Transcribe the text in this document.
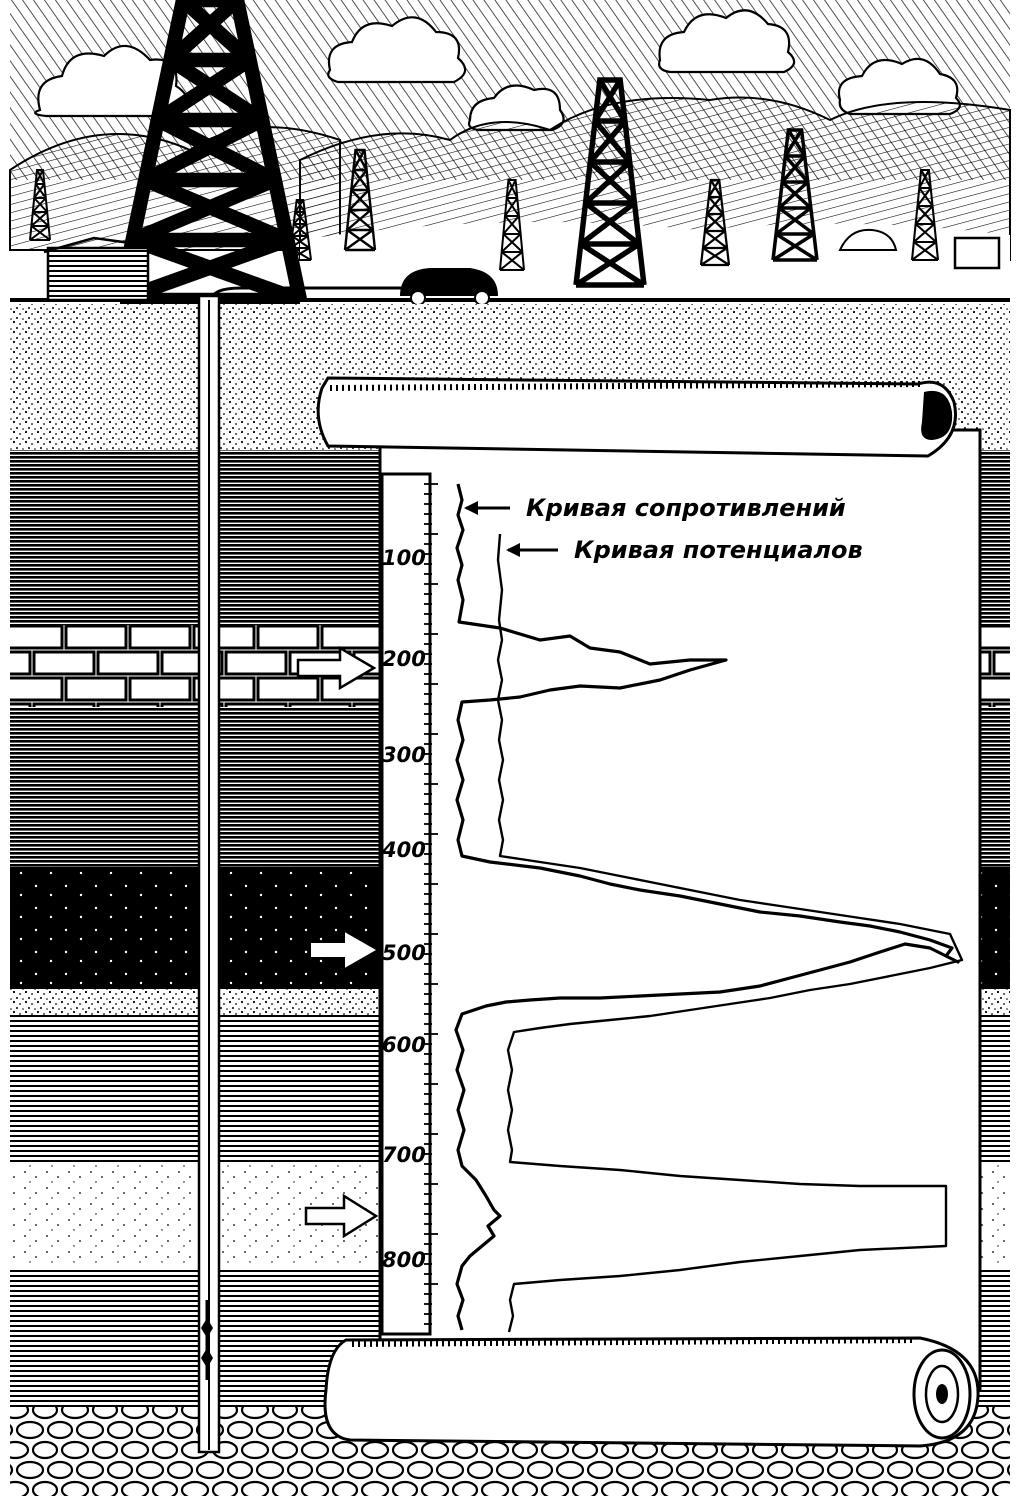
100
200
300
400
500
600
700
800
Кривая сопротивлений
Кривая потенциалов
